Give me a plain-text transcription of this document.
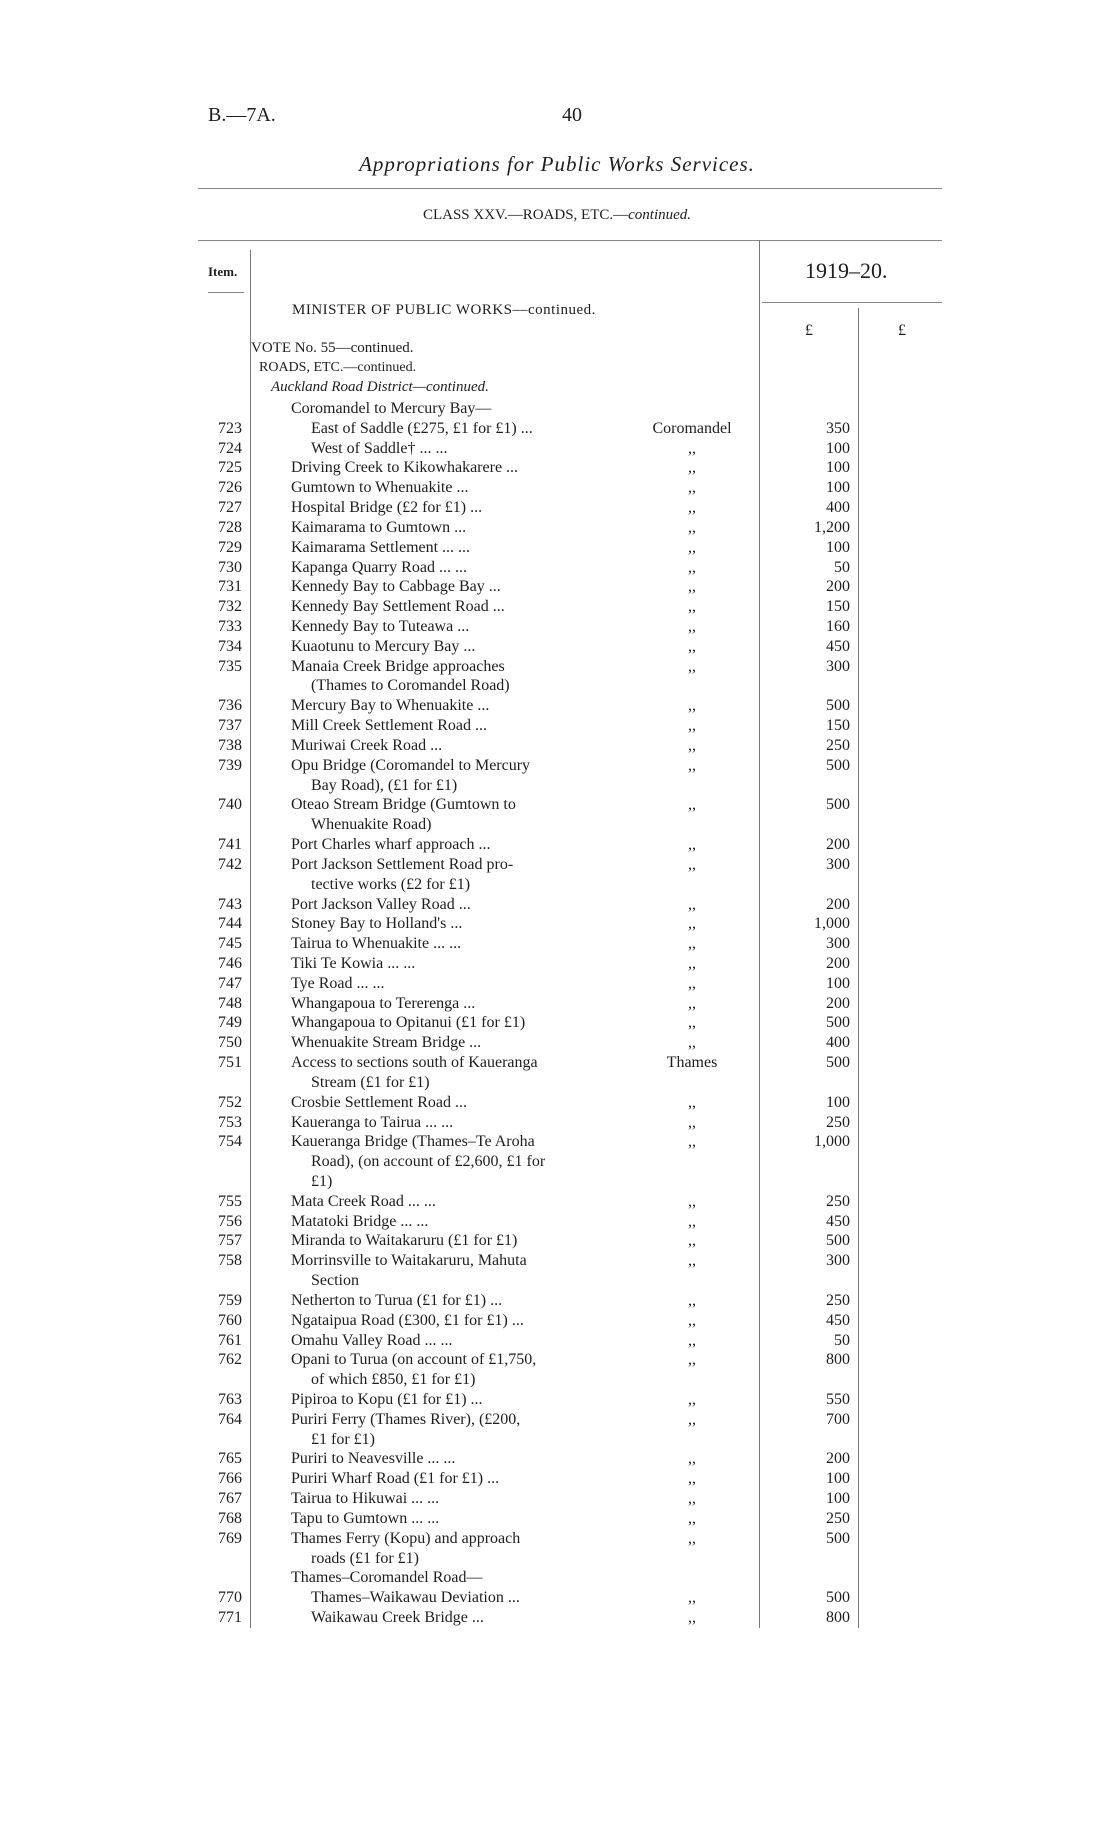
B.—7A.	40
Appropriations for Public Works Services.
CLASS XXV.—ROADS, ETC.—continued.
Item.	1919–20.
£	£
MINISTER OF PUBLIC WORKS—continued.
VOTE No. 55—continued.
ROADS, ETC.—continued.
Auckland Road District—continued.
Coromandel to Mercury Bay—
723	East of Saddle (£275, £1 for £1) ...	Coromandel	350
724	West of Saddle† ... ...	,,	100
725	Driving Creek to Kikowhakarere ...	,,	100
726	Gumtown to Whenuakite ...	,,	100
727	Hospital Bridge (£2 for £1) ...	,,	400
728	Kaimarama to Gumtown ...	,,	1,200
729	Kaimarama Settlement ... ...	,,	100
730	Kapanga Quarry Road ... ...	,,	50
731	Kennedy Bay to Cabbage Bay ...	,,	200
732	Kennedy Bay Settlement Road ...	,,	150
733	Kennedy Bay to Tuteawa ...	,,	160
734	Kuaotunu to Mercury Bay ...	,,	450
735	Manaia Creek Bridge approaches	,,	300
(Thames to Coromandel Road)
736	Mercury Bay to Whenuakite ...	,,	500
737	Mill Creek Settlement Road ...	,,	150
738	Muriwai Creek Road ...	,,	250
739	Opu Bridge (Coromandel to Mercury	,,	500
Bay Road), (£1 for £1)
740	Oteao Stream Bridge (Gumtown to	,,	500
Whenuakite Road)
741	Port Charles wharf approach ...	,,	200
742	Port Jackson Settlement Road pro-	,,	300
tective works (£2 for £1)
743	Port Jackson Valley Road ...	,,	200
744	Stoney Bay to Holland's ...	,,	1,000
745	Tairua to Whenuakite ... ...	,,	300
746	Tiki Te Kowia ... ...	,,	200
747	Tye Road ... ...	,,	100
748	Whangapoua to Tererenga ...	,,	200
749	Whangapoua to Opitanui (£1 for £1)	,,	500
750	Whenuakite Stream Bridge ...	,,	400
751	Access to sections south of Kaueranga	Thames	500
Stream (£1 for £1)
752	Crosbie Settlement Road ...	,,	100
753	Kaueranga to Tairua ... ...	,,	250
754	Kaueranga Bridge (Thames–Te Aroha	,,	1,000
Road), (on account of £2,600, £1 for
£1)
755	Mata Creek Road ... ...	,,	250
756	Matatoki Bridge ... ...	,,	450
757	Miranda to Waitakaruru (£1 for £1)	,,	500
758	Morrinsville to Waitakaruru, Mahuta	,,	300
Section
759	Netherton to Turua (£1 for £1) ...	,,	250
760	Ngataipua Road (£300, £1 for £1) ...	,,	450
761	Omahu Valley Road ... ...	,,	50
762	Opani to Turua (on account of £1,750,	,,	800
of which £850, £1 for £1)
763	Pipiroa to Kopu (£1 for £1) ...	,,	550
764	Puriri Ferry (Thames River), (£200,	,,	700
£1 for £1)
765	Puriri to Neavesville ... ...	,,	200
766	Puriri Wharf Road (£1 for £1) ...	,,	100
767	Tairua to Hikuwai ... ...	,,	100
768	Tapu to Gumtown ... ...	,,	250
769	Thames Ferry (Kopu) and approach	,,	500
roads (£1 for £1)
Thames–Coromandel Road—
770	Thames–Waikawau Deviation ...	,,	500
771	Waikawau Creek Bridge ...	,,	800
